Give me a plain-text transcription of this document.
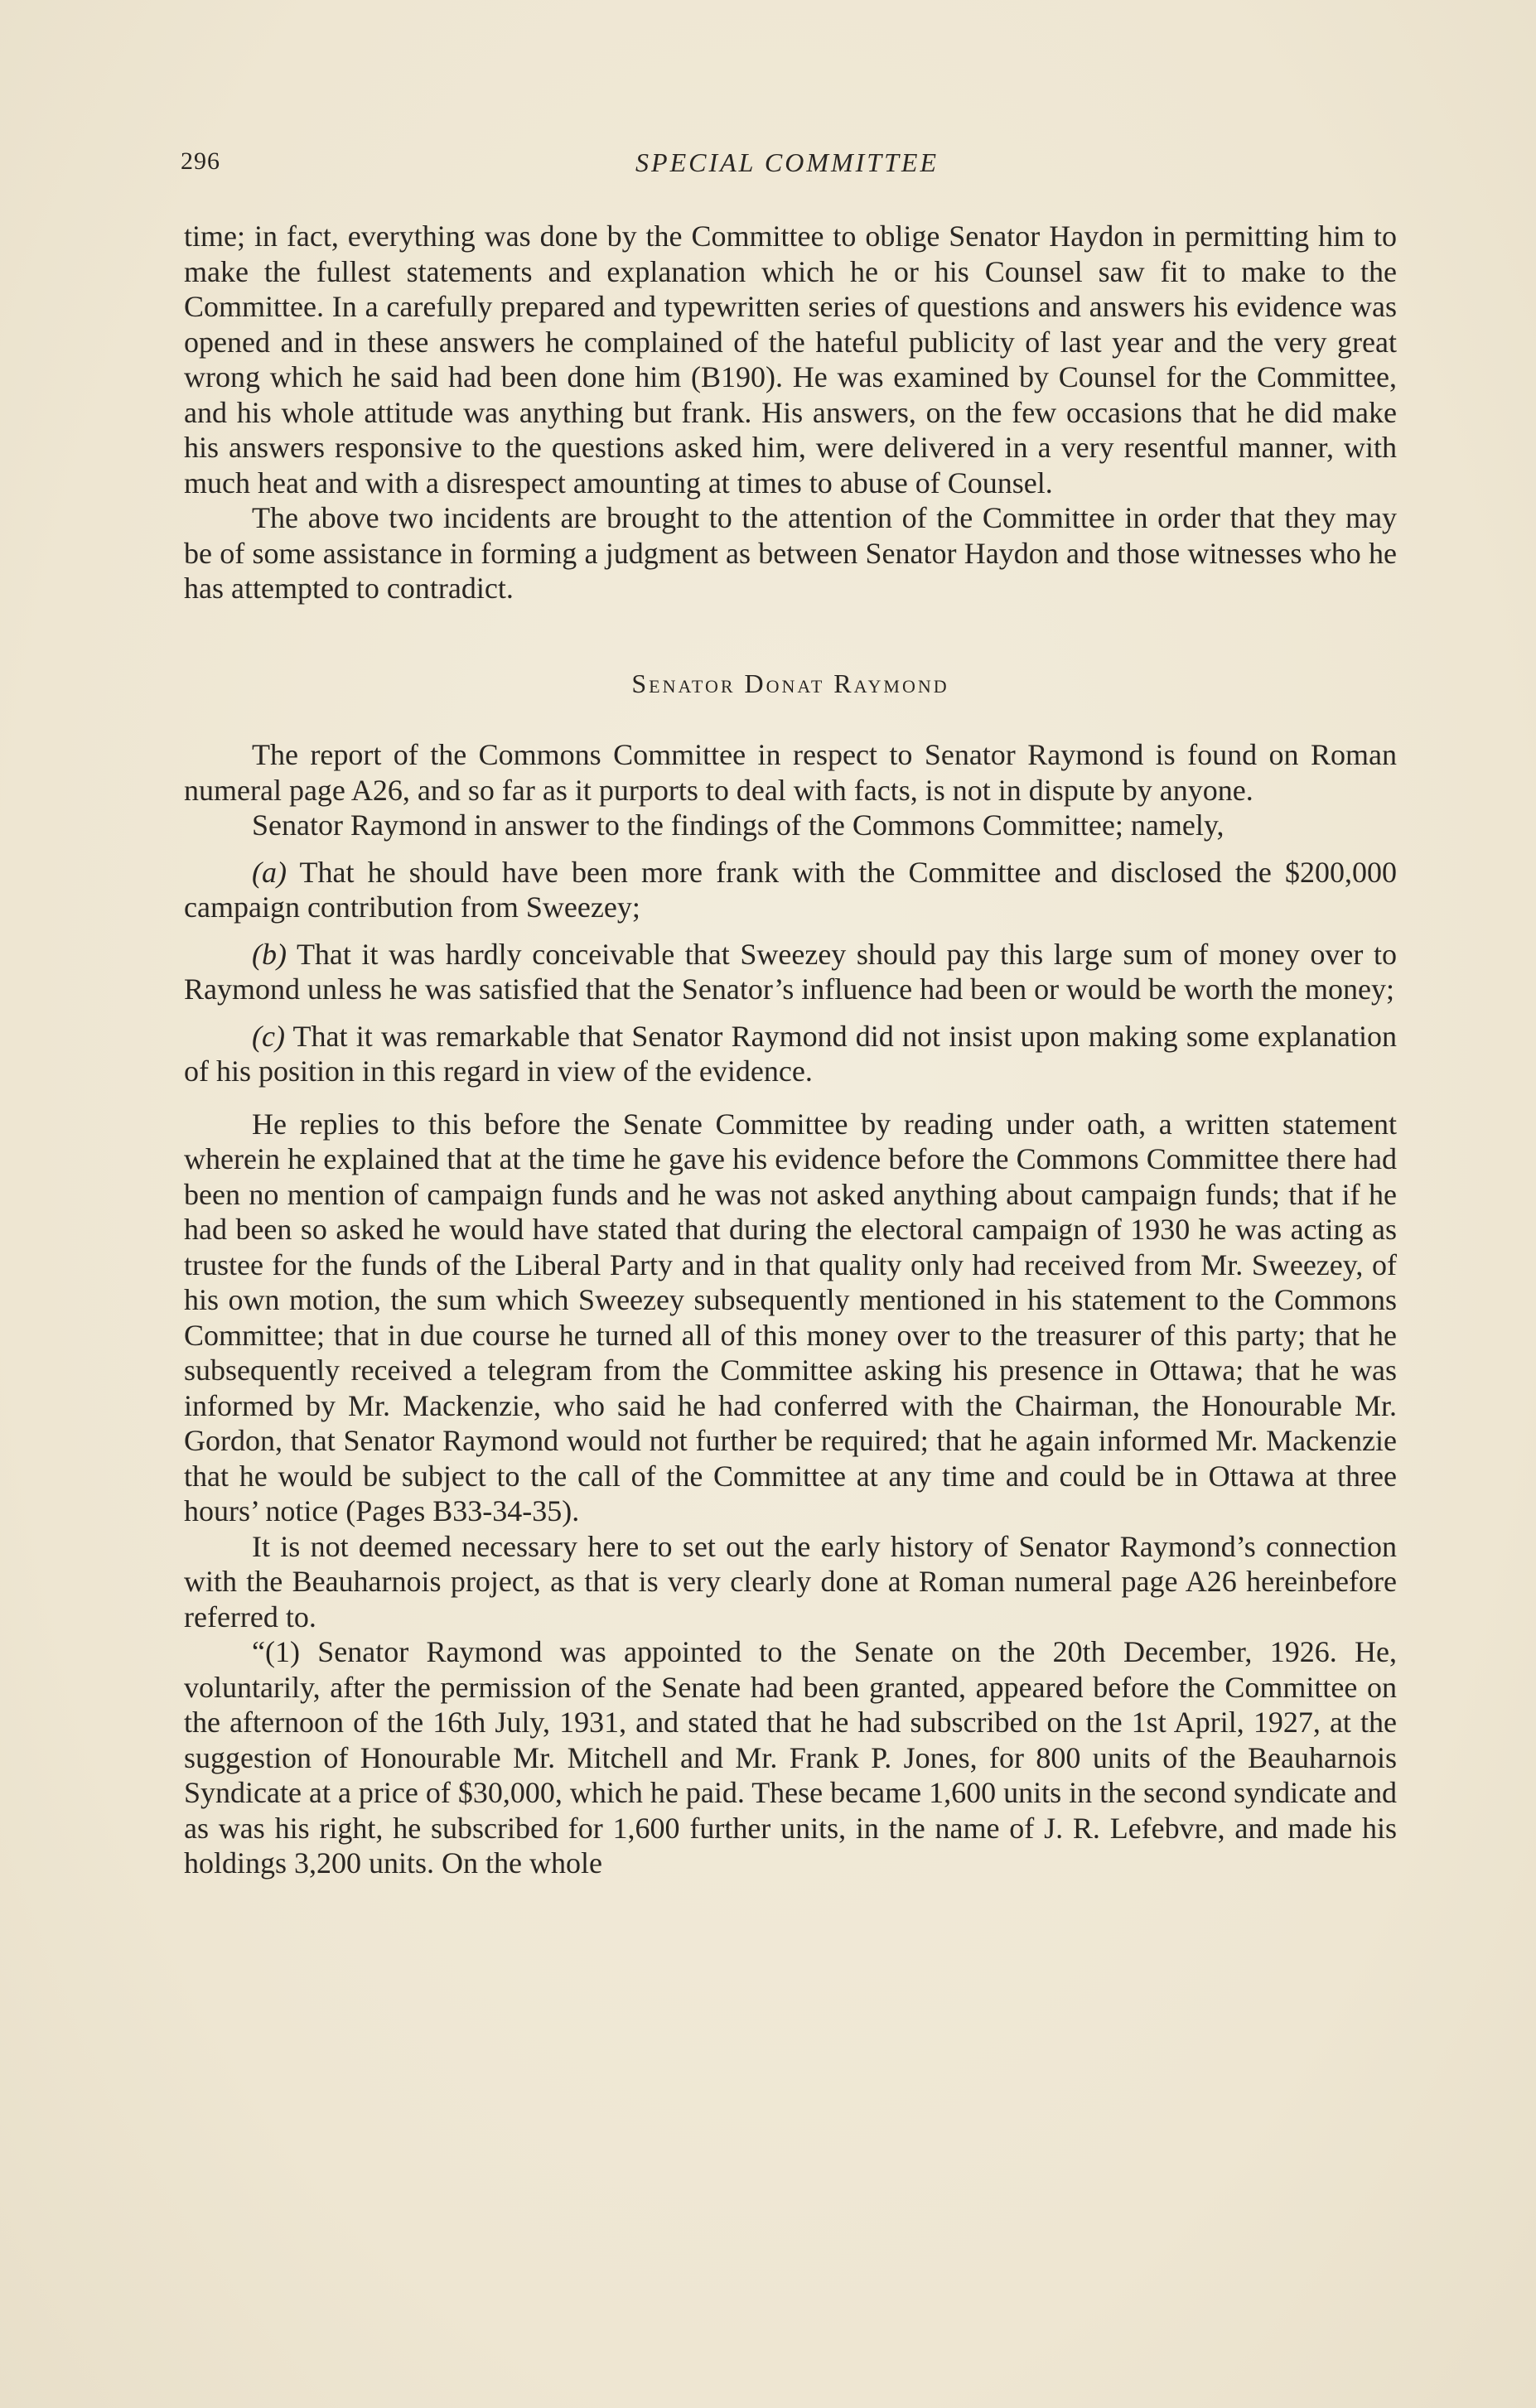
296	SPECIAL COMMITTEE

time; in fact, everything was done by the Committee to oblige Senator Haydon in permitting him to make the fullest statements and explanation which he or his Counsel saw fit to make to the Committee. In a carefully prepared and typewritten series of questions and answers his evidence was opened and in these answers he complained of the hateful publicity of last year and the very great wrong which he said had been done him (B190). He was examined by Counsel for the Committee, and his whole attitude was anything but frank. His answers, on the few occasions that he did make his answers responsive to the questions asked him, were delivered in a very resentful manner, with much heat and with a disrespect amounting at times to abuse of Counsel.

The above two incidents are brought to the attention of the Committee in order that they may be of some assistance in forming a judgment as between Senator Haydon and those witnesses who he has attempted to contradict.

Senator Donat Raymond

The report of the Commons Committee in respect to Senator Raymond is found on Roman numeral page A26, and so far as it purports to deal with facts, is not in dispute by anyone.

Senator Raymond in answer to the findings of the Commons Committee; namely,

(a) That he should have been more frank with the Committee and disclosed the $200,000 campaign contribution from Sweezey;

(b) That it was hardly conceivable that Sweezey should pay this large sum of money over to Raymond unless he was satisfied that the Senator’s influence had been or would be worth the money;

(c) That it was remarkable that Senator Raymond did not insist upon making some explanation of his position in this regard in view of the evidence.

He replies to this before the Senate Committee by reading under oath, a written statement wherein he explained that at the time he gave his evidence before the Commons Committee there had been no mention of campaign funds and he was not asked anything about campaign funds; that if he had been so asked he would have stated that during the electoral campaign of 1930 he was acting as trustee for the funds of the Liberal Party and in that quality only had received from Mr. Sweezey, of his own motion, the sum which Sweezey subsequently mentioned in his statement to the Commons Committee; that in due course he turned all of this money over to the treasurer of this party; that he subsequently received a telegram from the Committee asking his presence in Ottawa; that he was informed by Mr. Mackenzie, who said he had conferred with the Chairman, the Honourable Mr. Gordon, that Senator Raymond would not further be required; that he again informed Mr. Mackenzie that he would be subject to the call of the Committee at any time and could be in Ottawa at three hours’ notice (Pages B33-34-35).

It is not deemed necessary here to set out the early history of Senator Raymond’s connection with the Beauharnois project, as that is very clearly done at Roman numeral page A26 hereinbefore referred to.

“(1) Senator Raymond was appointed to the Senate on the 20th December, 1926. He, voluntarily, after the permission of the Senate had been granted, appeared before the Committee on the afternoon of the 16th July, 1931, and stated that he had subscribed on the 1st April, 1927, at the suggestion of Honourable Mr. Mitchell and Mr. Frank P. Jones, for 800 units of the Beauharnois Syndicate at a price of $30,000, which he paid. These became 1,600 units in the second syndicate and as was his right, he subscribed for 1,600 further units, in the name of J. R. Lefebvre, and made his holdings 3,200 units. On the whole
